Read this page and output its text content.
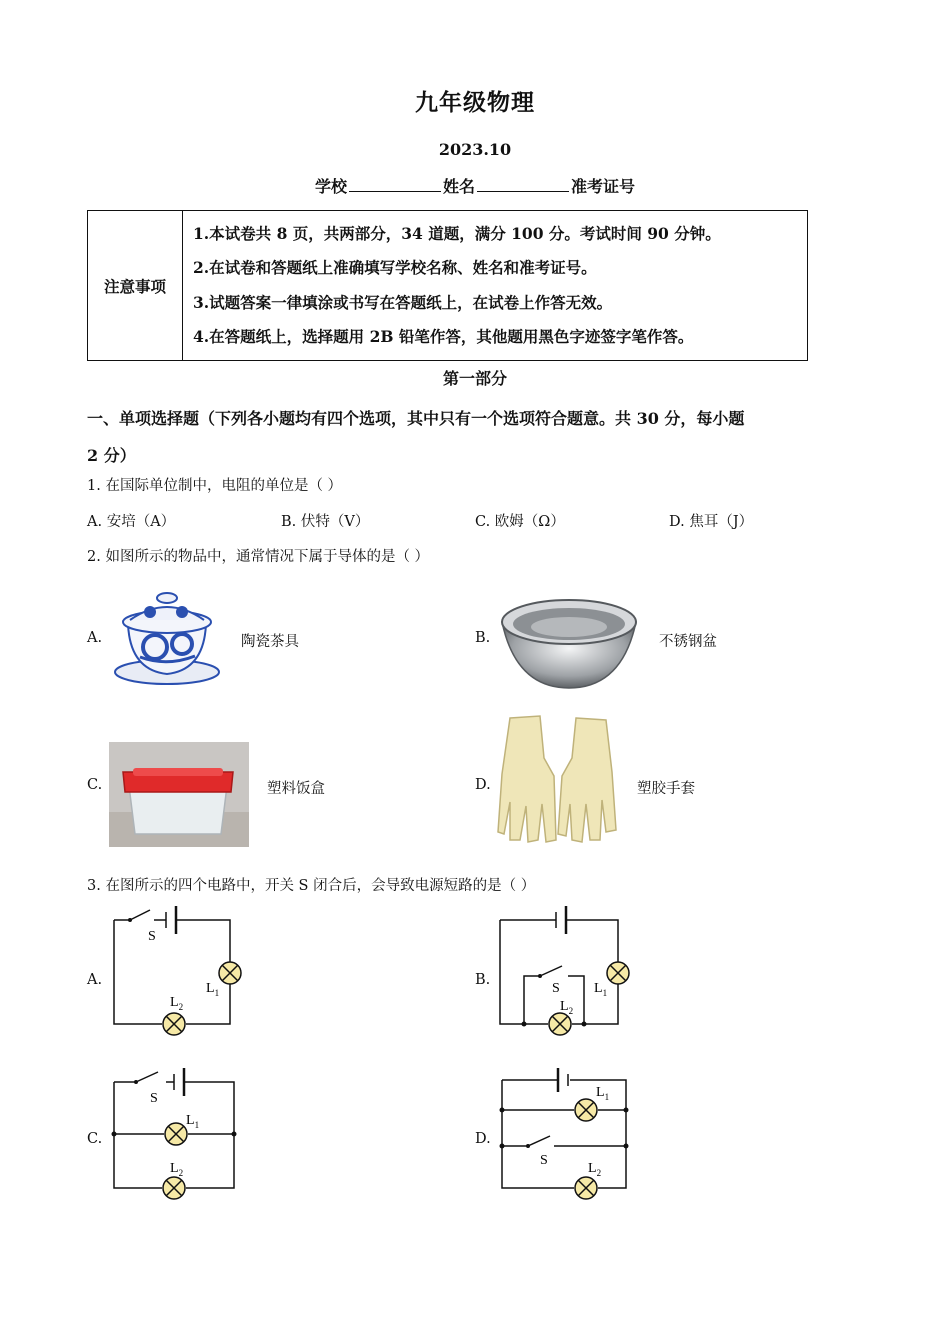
九年级物理
2023.10
学校	姓名	准考证号
注意事项	
1.本试卷共 8 页，共两部分，34 道题，满分 100 分。考试时间 90 分钟。
2.在试卷和答题纸上准确填写学校名称、姓名和准考证号。
3.试题答案一律填涂或书写在答题纸上，在试卷上作答无效。
4.在答题纸上，选择题用 2B 铅笔作答，其他题用黑色字迹签字笔作答。
第一部分
一、单项选择题（下列各小题均有四个选项，其中只有一个选项符合题意。共 30 分，每小题
2 分）
1. 在国际单位制中，电阻的单位是（ ）
A. 安培（A）	B. 伏特（V）	C. 欧姆（Ω）	D. 焦耳（J）
2. 如图所示的物品中，通常情况下属于导体的是（ ）
A.	陶瓷茶具	B.	不锈钢盆
C.	塑料饭盒	D.	塑胶手套
3. 在图所示的四个电路中，开关 S 闭合后，会导致电源短路的是（ ）
A.
S
$L_1$
$L_2$
B.
S $L_1$
$L_2$
C.
S
$L_1$
$L_2$
D.
S
$L_1$
$L_2$
